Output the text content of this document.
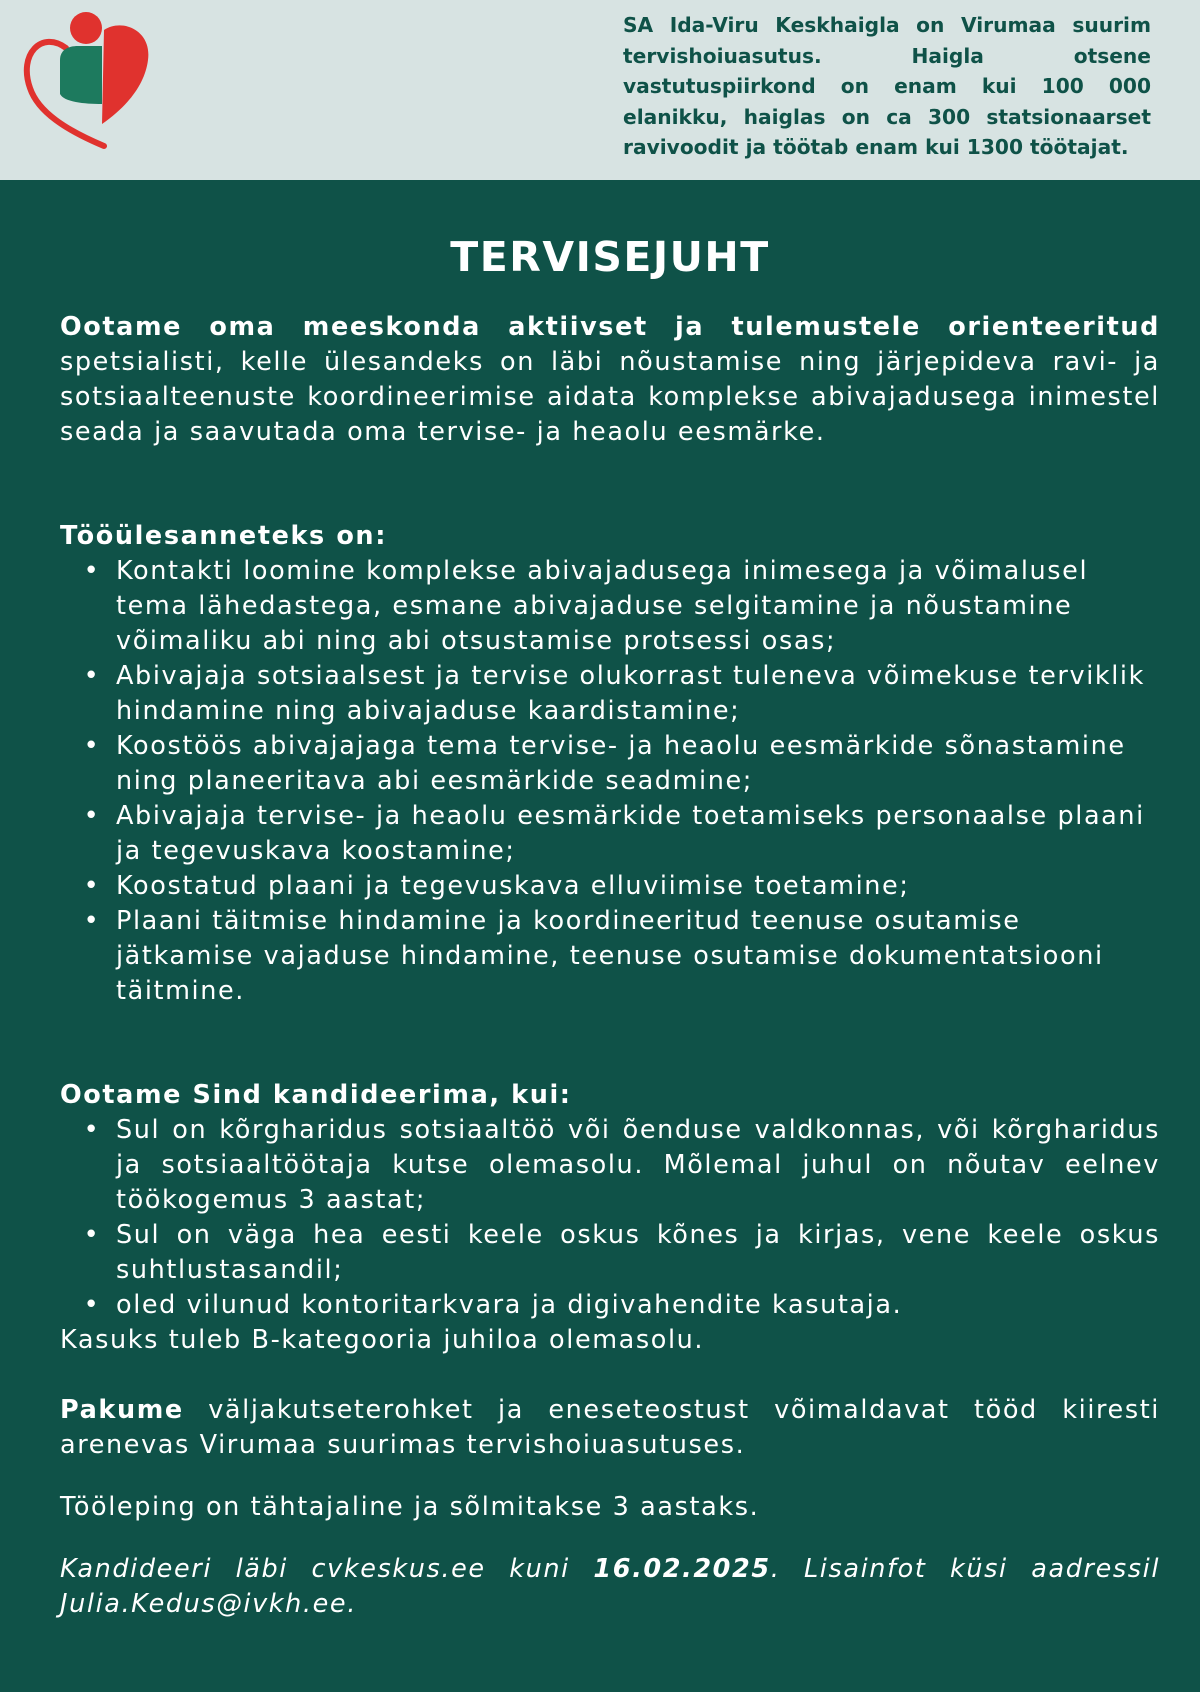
SA Ida-Viru Keskhaigla on Virumaa suurim tervishoiuasutus. Haigla otsene vastutuspiirkond on enam kui 100 000 elanikku, haiglas on ca 300 statsionaarset ravivoodit ja töötab enam kui 1300 töötajat.
TERVISEJUHT

Ootame oma meeskonda aktiivset ja tulemustele orienteeritud spetsialisti, kelle ülesandeks on läbi nõustamise ning järjepideva ravi- ja sotsiaalteenuste koordineerimise aidata komplekse abivajadusega inimestel seada ja saavutada oma tervise- ja heaolu eesmärke.

Tööülesanneteks on:

• Kontakti loomine komplekse abivajadusega inimesega ja võimalusel tema lähedastega, esmane abivajaduse selgitamine ja nõustamine võimaliku abi ning abi otsustamise protsessi osas;
• Abivajaja sotsiaalsest ja tervise olukorrast tuleneva võimekuse terviklik hindamine ning abivajaduse kaardistamine;
• Koostöös abivajajaga tema tervise- ja heaolu eesmärkide sõnastamine ning planeeritava abi eesmärkide seadmine;
• Abivajaja tervise- ja heaolu eesmärkide toetamiseks personaalse plaani ja tegevuskava koostamine;
• Koostatud plaani ja tegevuskava elluviimise toetamine;
• Plaani täitmise hindamine ja koordineeritud teenuse osutamise jätkamise vajaduse hindamine, teenuse osutamise dokumentatsiooni täitmine.

Ootame Sind kandideerima, kui:

• Sul on kõrgharidus sotsiaaltöö või õenduse valdkonnas, või kõrgharidus ja sotsiaaltöötaja kutse olemasolu. Mõlemal juhul on nõutav eelnev töökogemus 3 aastat;
• Sul on väga hea eesti keele oskus kõnes ja kirjas, vene keele oskus suhtlustasandil;
• oled vilunud kontoritarkvara ja digivahendite kasutaja.

Kasuks tuleb B-kategooria juhiloa olemasolu.

Pakume väljakutseterohket ja eneseteostust võimaldavat tööd kiiresti arenevas Virumaa suurimas tervishoiuasutuses.

Tööleping on tähtajaline ja sõlmitakse 3 aastaks.

Kandideeri läbi cvkeskus.ee kuni 16.02.2025. Lisainfot küsi aadressil Julia.Kedus@ivkh.ee.
